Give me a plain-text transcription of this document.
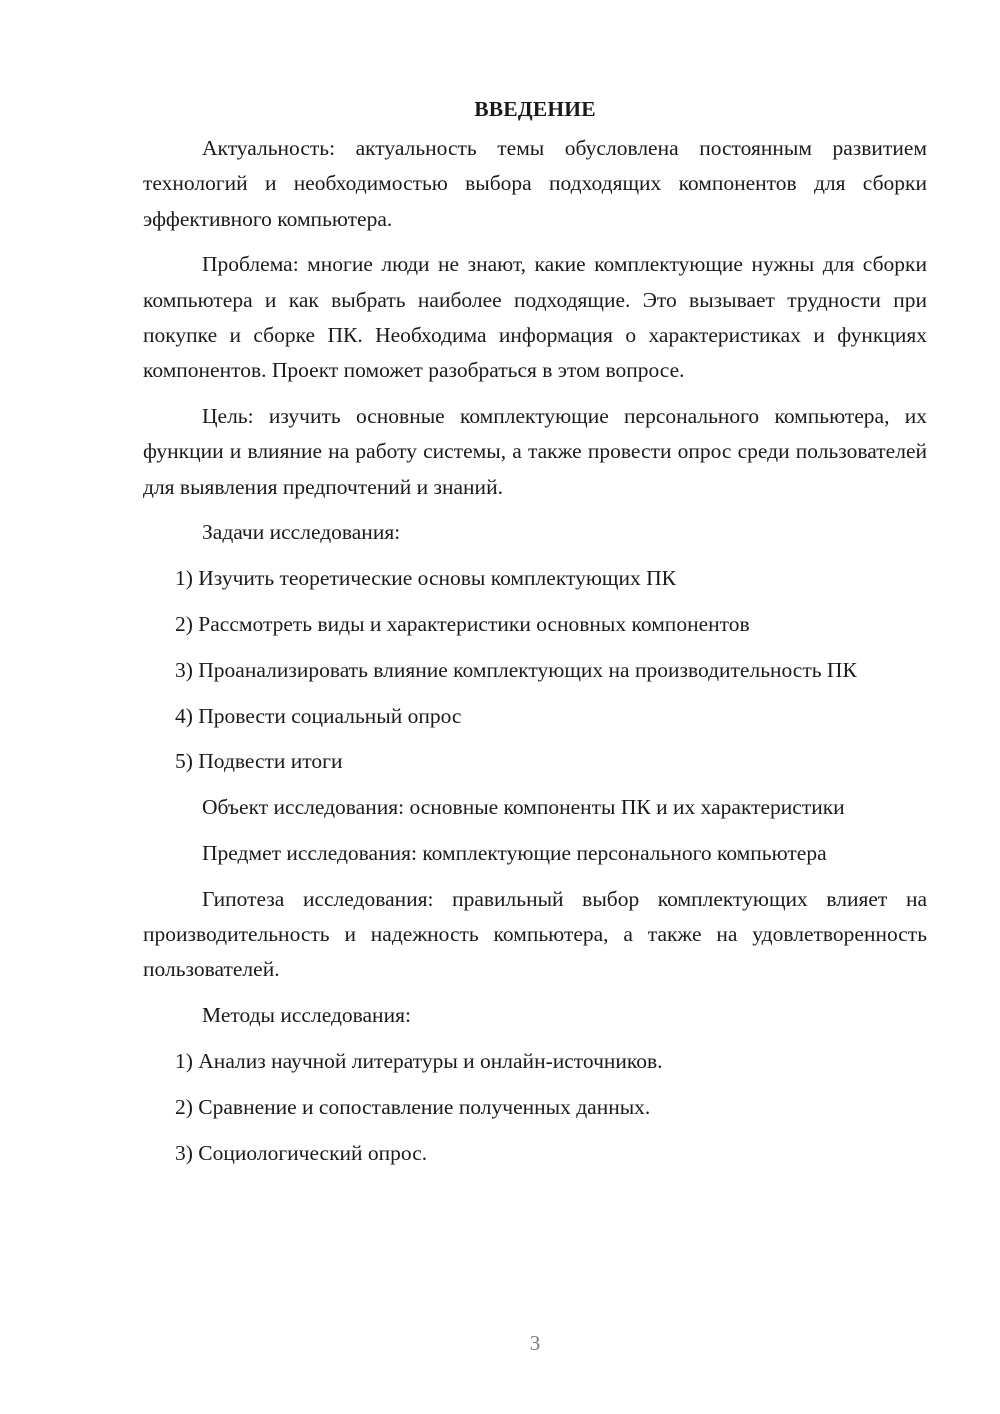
ВВЕДЕНИЕ

Актуальность: актуальность темы обусловлена постоянным развитием технологий и необходимостью выбора подходящих компонентов для сборки эффективного компьютера.

Проблема: многие люди не знают, какие комплектующие нужны для сборки компьютера и как выбрать наиболее подходящие. Это вызывает трудности при покупке и сборке ПК. Необходима информация о характеристиках и функциях компонентов. Проект поможет разобраться в этом вопросе.

Цель: изучить основные комплектующие персонального компьютера, их функции и влияние на работу системы, а также провести опрос среди пользователей для выявления предпочтений и знаний.

Задачи исследования:

1) Изучить теоретические основы комплектующих ПК

2) Рассмотреть виды и характеристики основных компонентов

3) Проанализировать влияние комплектующих на производительность ПК

4) Провести социальный опрос

5) Подвести итоги

Объект исследования: основные компоненты ПК и их характеристики

Предмет исследования: комплектующие персонального компьютера

Гипотеза исследования: правильный выбор комплектующих влияет на производительность и надежность компьютера, а также на удовлетворенность пользователей.

Методы исследования:

1) Анализ научной литературы и онлайн-источников.

2) Сравнение и сопоставление полученных данных.

3) Социологический опрос.

3
